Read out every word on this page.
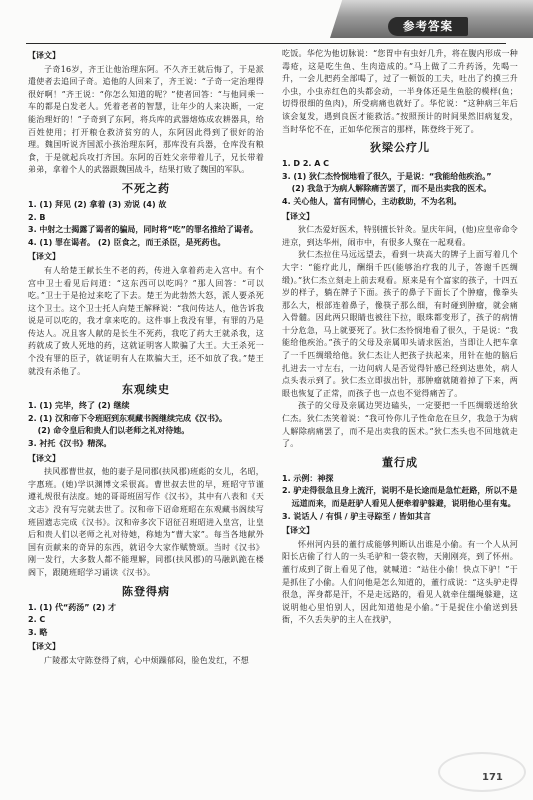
参考答案
【译文】

子奇16岁，齐王让他治理东阿。不久齐王就后悔了，于是派遣使者去追回子奇。追他的人回来了，齐王说：“子奇一定治理得很好啊！”齐王说：“你怎么知道的呢？”使者回答：“与他同乘一车的都是白发老人。凭着老者的智慧，让年少的人来决断，一定能治理好的！”子奇到了东阿，将兵库的武器熔炼成农耕器具，给百姓使用；打开粮仓救济贫穷的人，东阿因此得到了很好的治理。魏国听说齐国派小孩治理东阿，那库没有兵器，仓库没有粮食，于是就起兵攻打齐国。东阿的百姓父亲带着儿子，兄长带着弟弟，拿着个人的武器跟魏国战斗，结果打败了魏国的军队。

不死之药

1. (1) 拜见 (2) 拿着 (3) 劝说 (4) 故

2. B

3. 中射之士揭露了谒者的骗局，同时将“吃”的罪名推给了谒者。

4. (1) 罪在谒者。 (2) 臣食之，而王杀臣，是死药也。

【译文】

有人给楚王献长生不老的药，传进入拿着药走入宫中。有个宫中卫士看见后问道：“这东西可以吃吗？”那人回答：“可以吃。”卫士于是抢过来吃了下去。楚王为此勃然大怒，派人要杀死这个卫士。这个卫士托人向楚王解释说：“我问传达人，他告诉我说是可以吃的，我才拿来吃的。这件事上我没有罪，有罪的乃是传达人。况且客人献的是长生不死药，我吃了药大王就杀我，这药就成了致人死地的药，这就证明客人欺骗了大王。大王杀死一个没有罪的臣子，就证明有人在欺骗大王，还不如放了我。”楚王就没有杀他了。

东观续史

1. (1) 完毕，终了 (2) 继续

2. (1) 汉和帝下令班昭到东观藏书阁继续完成《汉书》。

(2) 命令皇后和贵人们以老师之礼对待她。

3. 衬托《汉书》精深。

【译文】

扶风郡曹世叔，他的妻子是同郡(扶风郡)班彪的女儿，名昭，字惠班。(她)学识渊博文采很高。曹世叔去世的早，班昭守节谨遵礼规很有法度。她的哥哥班固写作《汉书》，其中有八表和《天文志》没有写完就去世了。汉和帝下诏命班昭在东观藏书阁续写班固遗志完成《汉书》。汉和帝多次下诏征召班昭进入皇宫，让皇后和贵人们以老师之礼对待她，称她为“曹大家”。每当各地献外国有贡献来的奇异的东西，就诏令大家作赋赞颂。当时《汉书》刚一发行，大多数人都不能理解，同郡(扶风郡)的马融趴跪在楼阁下，跟随班昭学习诵读《汉书》。

陈登得病

1. (1) 代“药汤” (2) 才

2. C

3. 略

【译文】

广陵郡太守陈登得了病，心中烦躁郁闷，脸色发红，不想

吃饭。华佗为他切脉说：“您胃中有虫好几升，将在腹内形成一种毒疮，这是吃生鱼、生肉造成的。”马上做了二升药汤，先喝一升，一会儿把药全部喝了，过了一顿饭的工夫，吐出了约摸三升小虫，小虫赤红色的头都会动，一半身体还是生鱼脍的模样(鱼；切得很细的鱼肉)，所受病痛也就好了。华佗说：“这种病三年后该会复发，遇到良医才能救活。”按照预计的时间果然旧病复发，当时华佗不在，正如华佗预言的那样，陈登终于死了。

狄梁公疗儿

1. D 2. A C

3. (1) 狄仁杰怜悯地看了很久，于是说：“我能给他疾治。”

(2) 我急于为病人解除痛苦罢了，而不是出卖我的医术。

4. 关心他人，富有同情心，主动救助，不为名利。

【译文】

狄仁杰爱好医术，特别擅长针灸。显庆年间，(他)应皇帝命令进京，到达华州，闹市中，有很多人聚在一起观看。

狄仁杰拉住马远远望去，看到一块高大的牌子上面写着几个大字：“能疗此儿，酬绢千匹(能够治疗我的儿子，答谢千匹绸缎)。”狄仁杰立刻走上前去观看。原来是有个富家的孩子，十四五岁的样子，躺在牌子下面。孩子的鼻子下面长了个肿瘤，像拳头那么大，根部连着鼻子，像筷子那么细，有时碰到肿瘤，就会痛入骨髓。因此两只眼睛也被往下拉，眼珠都变形了，孩子的病情十分危急，马上就要死了。狄仁杰怜悯地看了很久，于是说：“我能给他疾治。”孩子的父母及亲属叩头请求医治，当即让人把车拿了一千匹绸缎给他。狄仁杰让人把孩子扶起来，用针在他的脑后扎进去一寸左右，一边问病人是否觉得针感已经到达患处，病人点头表示到了。狄仁杰立即拔出针，那肿瘤就随着掉了下来，两眼也恢复了正常，而孩子也一点也不觉得痛苦了。

孩子的父母及亲属边哭边磕头，一定要把一千匹绸缎送给狄仁杰。狄仁杰笑着说：“我可怜你儿子性命危在旦夕，我急于为病人解除病痛罢了，而不是出卖我的医术。”狄仁杰头也不回地就走了。

董行成

1. 示例：神探

2. 驴走得很急且身上流汗，说明不是长途而是急忙赶路，所以不是远道而来，而是赶驴人看见人便牵着驴躲避，说明他心里有鬼。

3. 说话人 / 有惧 / 驴主寻踪至 / 皆如其言

【译文】

怀州河内县的董行成能够判断认出谁是小偷。有一个人从河阳长店偷了行人的一头毛驴和一袋衣物，天刚刚亮，到了怀州。董行成到了街上看见了他，就喊道：“站住小偷！快点下驴！”于是抓住了小偷。人们问他是怎么知道的，董行成说：“这头驴走得很急，浑身都是汗，不是走远路的，看见人就牵住缰绳躲避，这说明他心里怕别人，因此知道他是小偷。”于是捉住小偷送到县衙，不久丢失驴的主人在找驴，

171
